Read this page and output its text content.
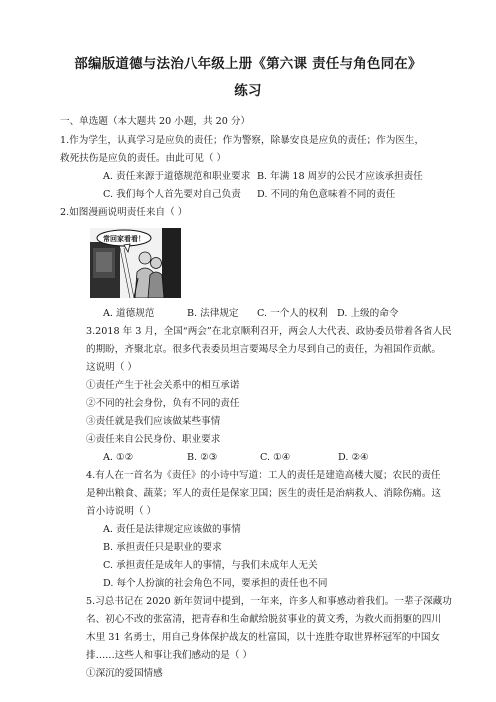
部编版道德与法治八年级上册《第六课 责任与角色同在》
练习
一、单选题（本大题共 20 小题，共 20 分）
1.作为学生，认真学习是应负的责任；作为警察，除暴安良是应负的责任；作为医生，
救死扶伤是应负的责任。由此可见（ ）
A. 责任来源于道德规范和职业要求 B. 年满 18 周岁的公民才应该承担责任
C. 我们每个人首先要对自己负责 D. 不同的角色意味着不同的责任
2.如图漫画说明责任来自（ ）
常回家看看！
A. 道德规范	B. 法律规定 C. 一个人的权利 D. 上级的命令
3.2018 年 3 月，全国“两会”在北京顺利召开，两会人大代表、政协委员带着各省人民
的期盼，齐聚北京。很多代表委员坦言要竭尽全力尽到自己的责任，为祖国作贡献。
这说明（ ）
①责任产生于社会关系中的相互承诺
②不同的社会身份，负有不同的责任
③责任就是我们应该做某些事情
④责任来自公民身份、职业要求
A. ①②	B. ②③	C. ①④	D. ②④
4.有人在一首名为《责任》的小诗中写道：工人的责任是建造高楼大厦；农民的责任
是种出粮食、蔬菜；军人的责任是保家卫国；医生的责任是治病救人、消除伤痛。这
首小诗说明（ ）
A. 责任是法律规定应该做的事情
B. 承担责任只是职业的要求
C. 承担责任是成年人的事情，与我们未成年人无关
D. 每个人扮演的社会角色不同，要承担的责任也不同
5.习总书记在 2020 新年贺词中提到，一年来，许多人和事感动着我们。一辈子深藏功
名、初心不改的张富清，把青春和生命献给脱贫事业的黄文秀，为救火而捐躯的四川
木里 31 名勇士，用自己身体保护战友的杜富国，以十连胜夺取世界杯冠军的中国女
排……这些人和事让我们感动的是（ ）
①深沉的爱国情感
